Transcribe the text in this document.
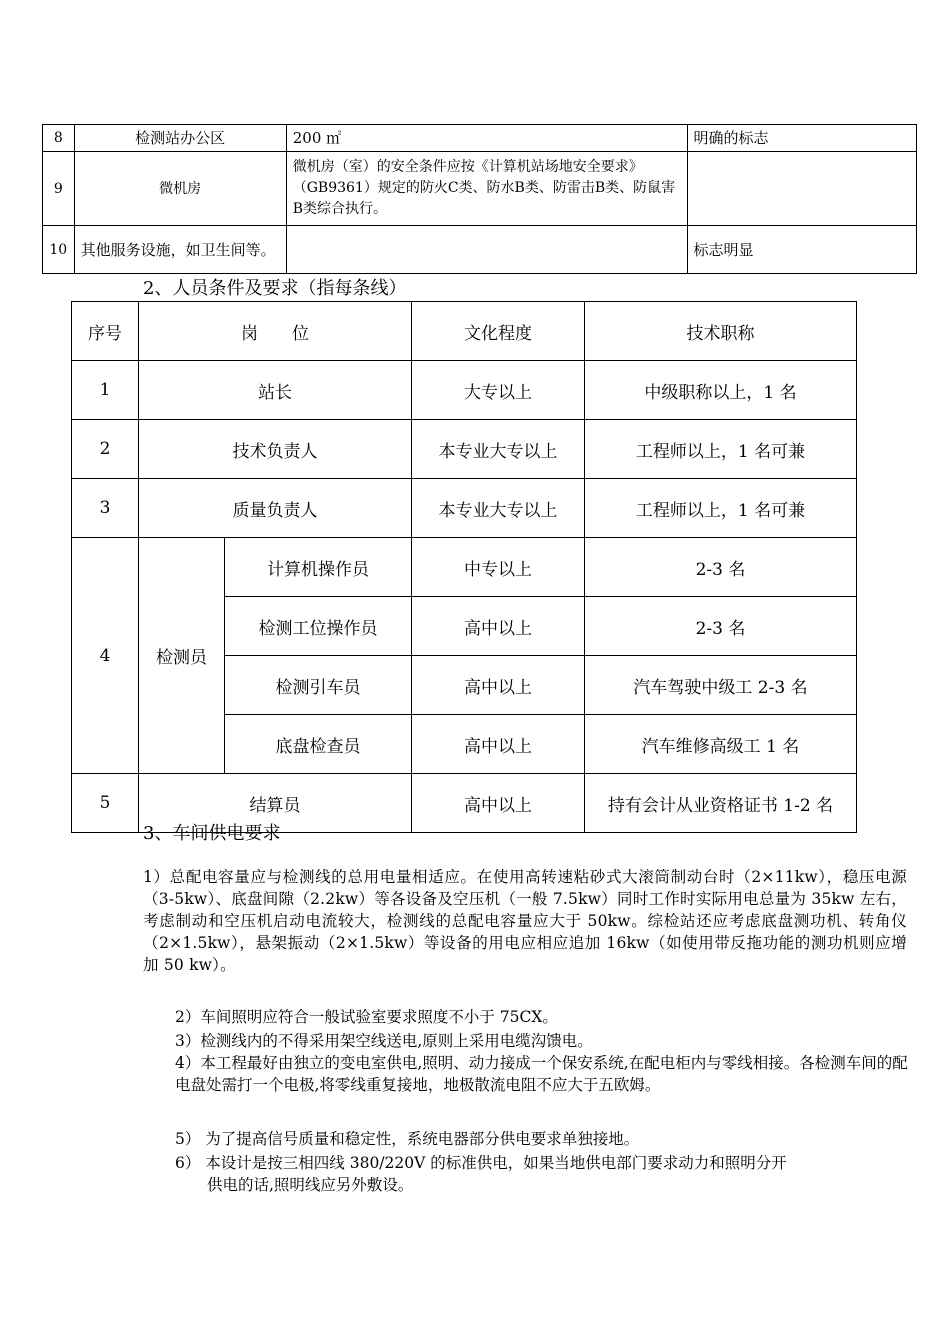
8	检测站办公区	200 ㎡	明确的标志
9	微机房	微机房（室）的安全条件应按《计算机站场地安全要求》（GB9361）规定的防火C类、防水B类、防雷击B类、防鼠害B类综合执行。	
10	其他服务设施，如卫生间等。		标志明显
2、人员条件及要求（指每条线）
序号	岗　　位		文化程度	技术职称
1	站长		大专以上	中级职称以上，1 名
2	技术负责人		本专业大专以上	工程师以上，1 名可兼
3	质量负责人		本专业大专以上	工程师以上，1 名可兼
4	检测员	计算机操作员	中专以上	2-3 名
		检测工位操作员	高中以上	2-3 名
		检测引车员	高中以上	汽车驾驶中级工 2-3 名
		底盘检查员	高中以上	汽车维修高级工 1 名
5	结算员		高中以上	持有会计从业资格证书 1-2 名
3、车间供电要求

1）总配电容量应与检测线的总用电量相适应。在使用高转速粘砂式大滚筒制动台时（2×11kw），稳压电源（3-5kw）、底盘间隙（2.2kw）等各设备及空压机（一般 7.5kw）同时工作时实际用电总量为 35kw 左右， 考虑制动和空压机启动电流较大，检测线的总配电容量应大于 50kw。综检站还应考虑底盘测功机、转角仪（2×1.5kw），悬架振动（2×1.5kw）等设备的用电应相应追加 16kw（如使用带反拖功能的测功机则应增加 50 kw）。

2）车间照明应符合一般试验室要求照度不小于 75CX。

3）检测线内的不得采用架空线送电,原则上采用电缆沟馈电。

4）本工程最好由独立的变电室供电,照明、动力接成一个保安系统,在配电柜内与零线相接。各检测车间的配电盘处需打一个电极,将零线重复接地，地极散流电阻不应大于五欧姆。

5） 为了提高信号质量和稳定性，系统电器部分供电要求单独接地。

6） 本设计是按三相四线 380/220V 的标准供电，如果当地供电部门要求动力和照明分开
供电的话,照明线应另外敷设。
